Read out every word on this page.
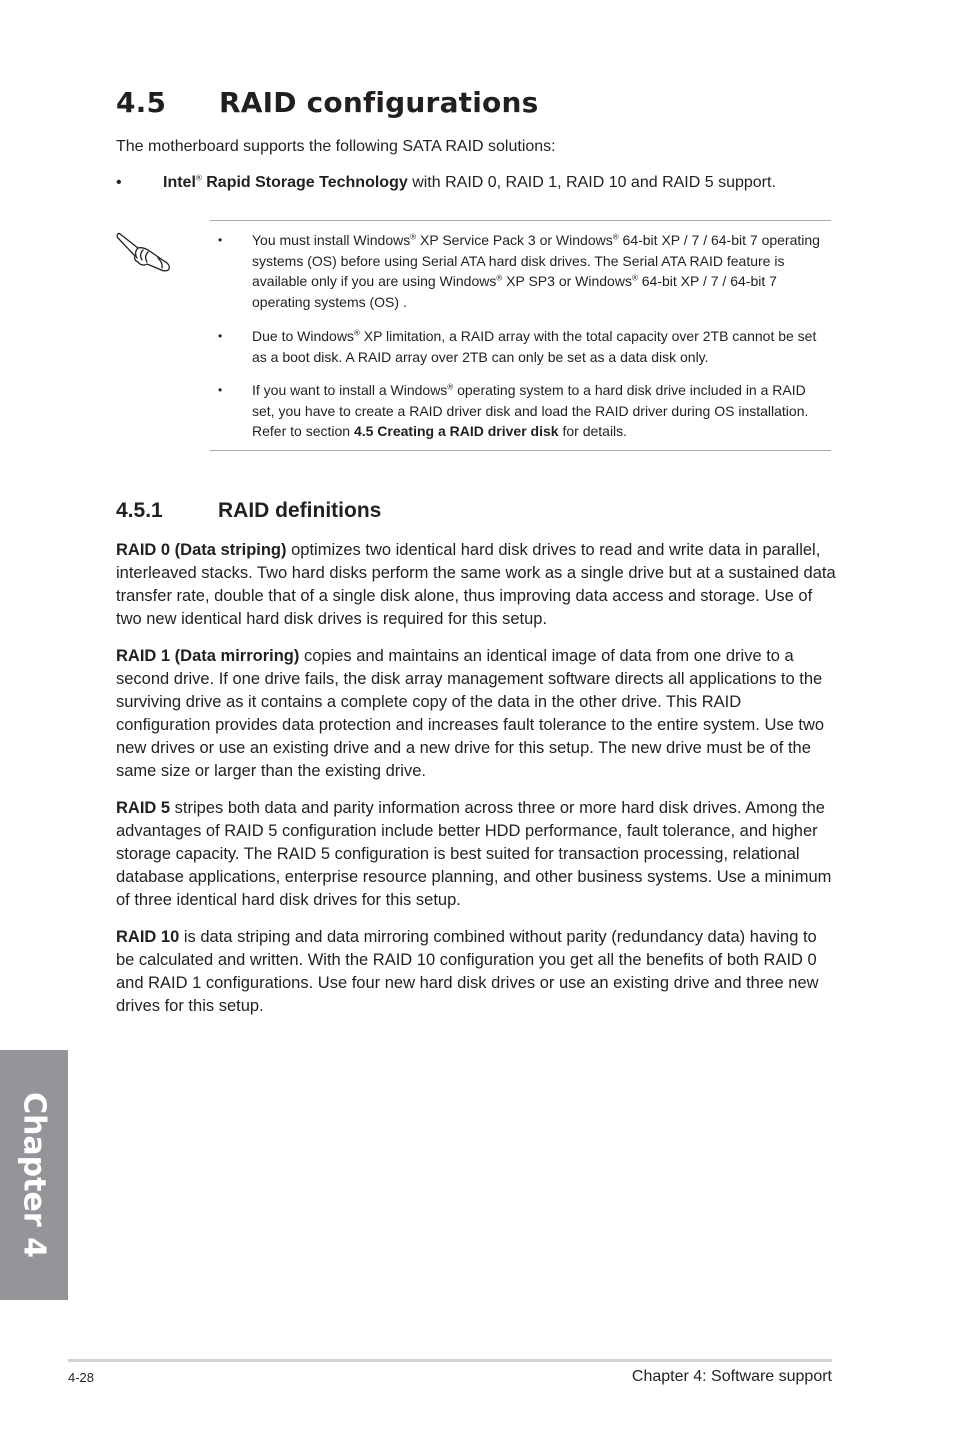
4.5 RAID configurations
The motherboard supports the following SATA RAID solutions:
•	Intel® Rapid Storage Technology with RAID 0, RAID 1, RAID 10 and RAID 5 support.
• You must install Windows® XP Service Pack 3 or Windows® 64-bit XP / 7 / 64-bit 7 operating systems (OS) before using Serial ATA hard disk drives. The Serial ATA RAID feature is available only if you are using Windows® XP SP3 or Windows® 64-bit XP / 7 / 64-bit 7 operating systems (OS) .
• Due to Windows® XP limitation, a RAID array with the total capacity over 2TB cannot be set as a boot disk. A RAID array over 2TB can only be set as a data disk only.
• If you want to install a Windows® operating system to a hard disk drive included in a RAID set, you have to create a RAID driver disk and load the RAID driver during OS installation. Refer to section 4.5 Creating a RAID driver disk for details.
4.5.1	RAID definitions

RAID 0 (Data striping) optimizes two identical hard disk drives to read and write data in parallel, interleaved stacks. Two hard disks perform the same work as a single drive but at a sustained data transfer rate, double that of a single disk alone, thus improving data access and storage. Use of two new identical hard disk drives is required for this setup.

RAID 1 (Data mirroring) copies and maintains an identical image of data from one drive to a second drive. If one drive fails, the disk array management software directs all applications to the surviving drive as it contains a complete copy of the data in the other drive. This RAID configuration provides data protection and increases fault tolerance to the entire system. Use two new drives or use an existing drive and a new drive for this setup. The new drive must be of the same size or larger than the existing drive.

RAID 5 stripes both data and parity information across three or more hard disk drives. Among the advantages of RAID 5 configuration include better HDD performance, fault tolerance, and higher storage capacity. The RAID 5 configuration is best suited for transaction processing, relational database applications, enterprise resource planning, and other business systems. Use a minimum of three identical hard disk drives for this setup.

RAID 10 is data striping and data mirroring combined without parity (redundancy data) having to be calculated and written. With the RAID 10 configuration you get all the benefits of both RAID 0 and RAID 1 configurations. Use four new hard disk drives or use an existing drive and three new drives for this setup.

Chapter 4
4-28	Chapter 4: Software support
